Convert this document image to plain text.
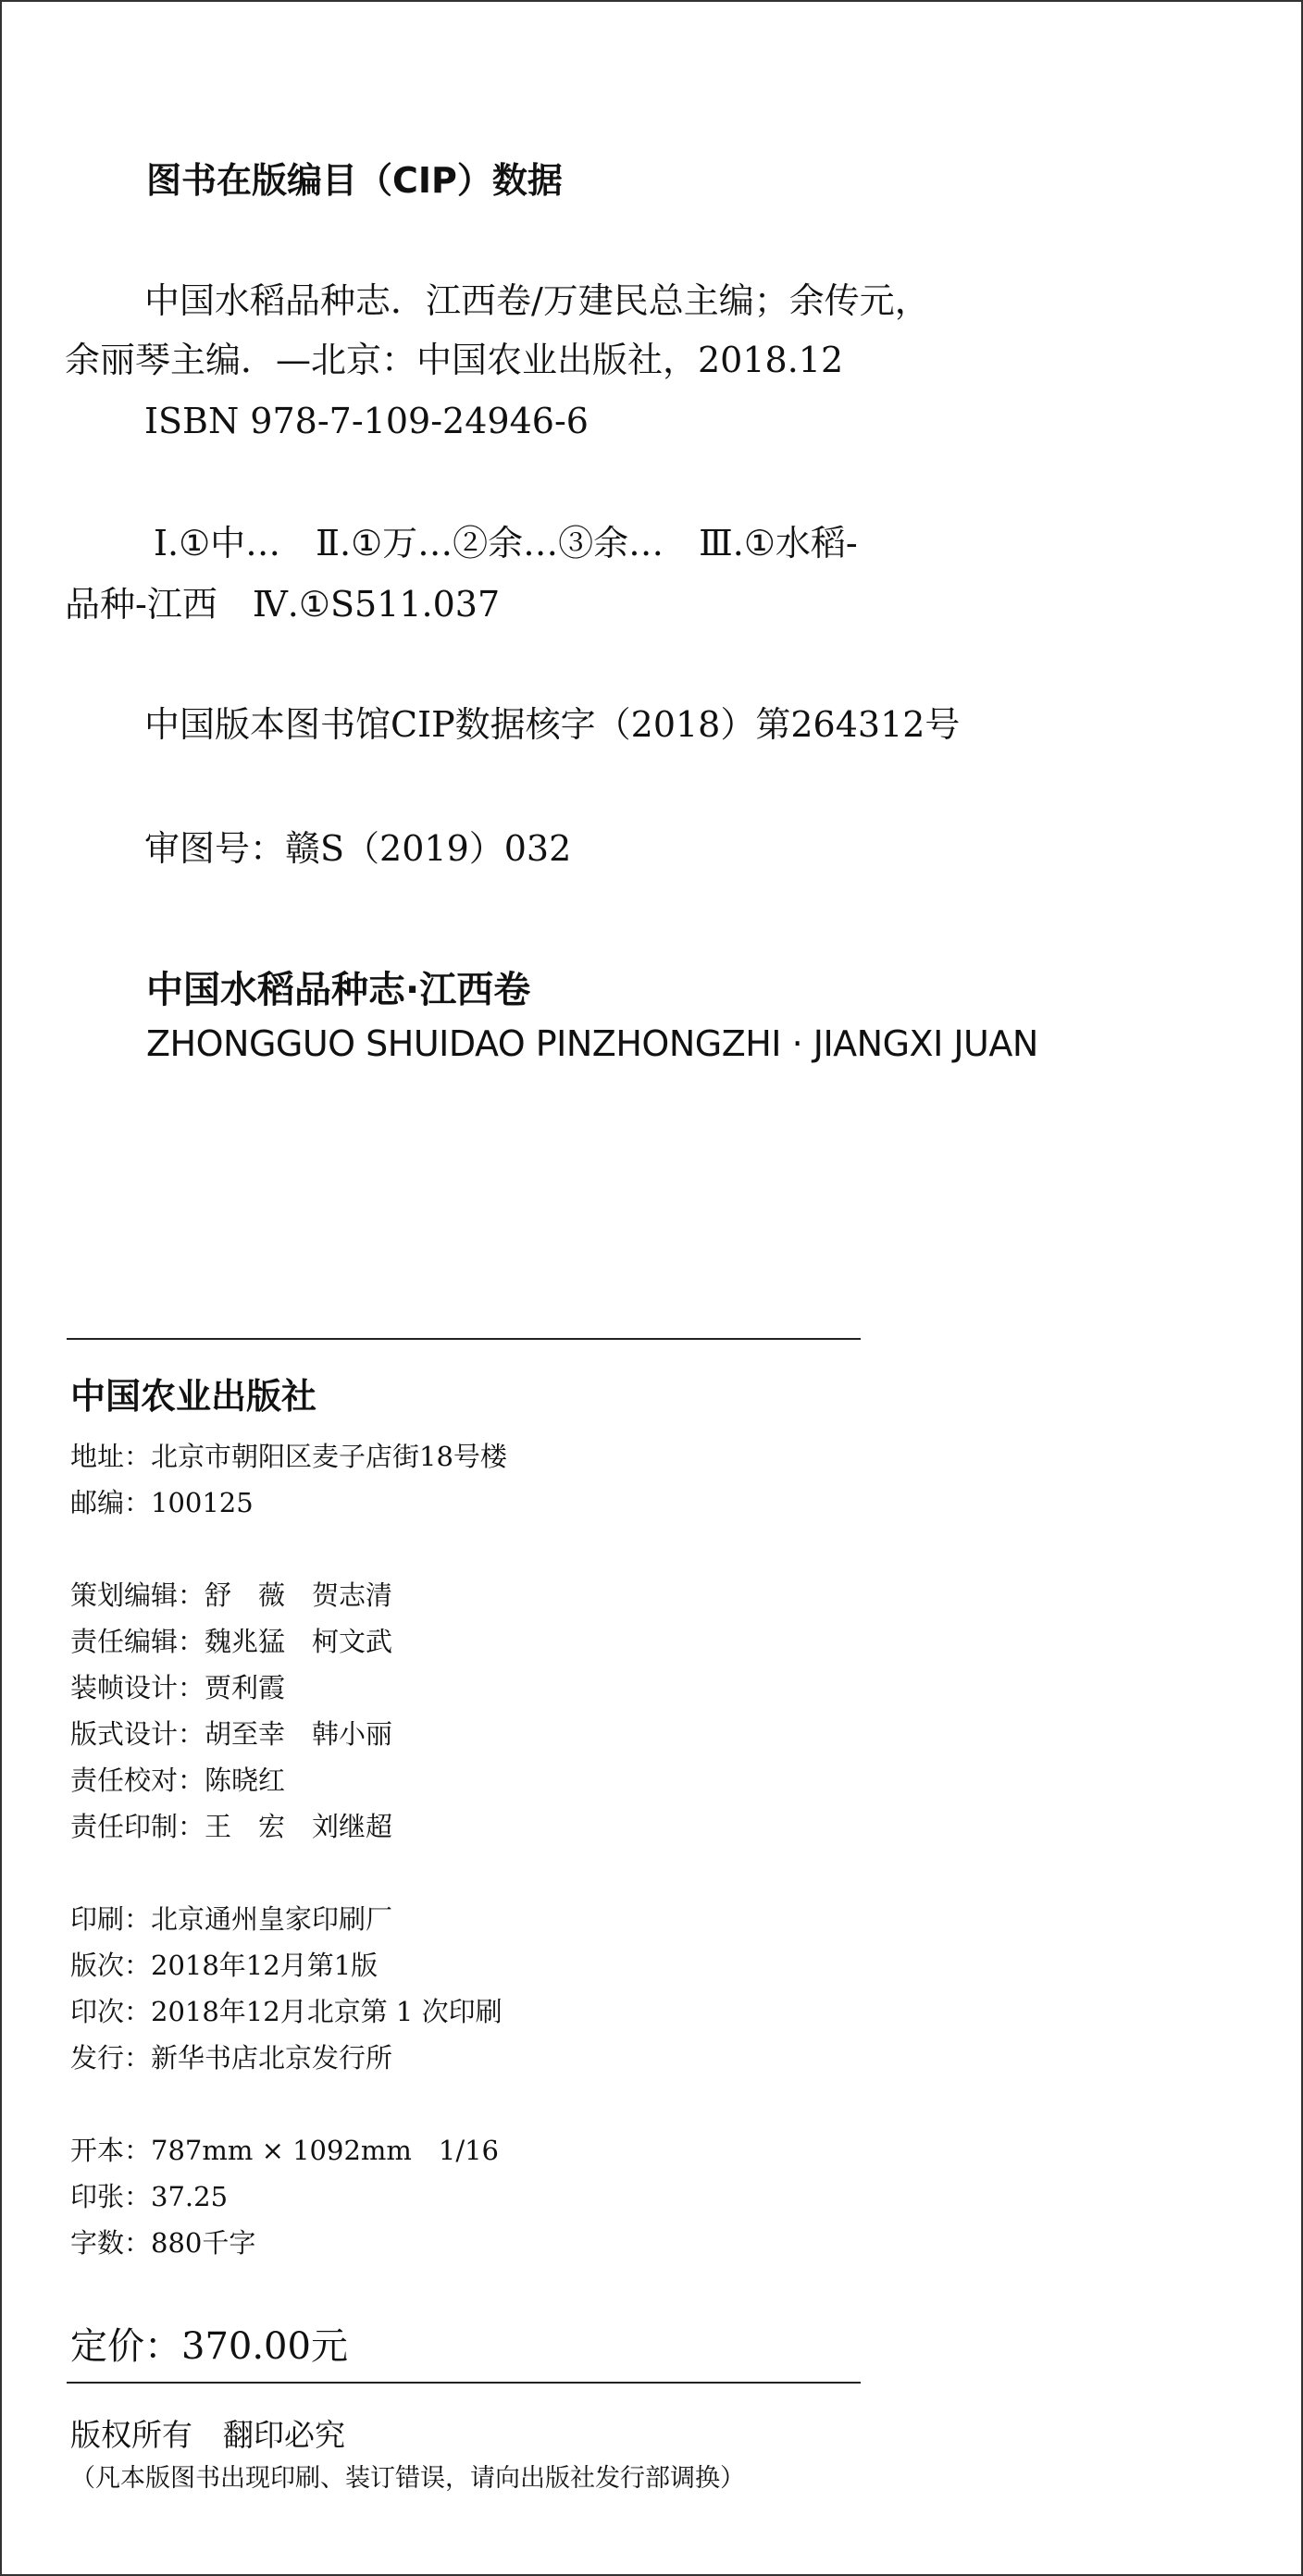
图书在版编目（CIP）数据
中国水稻品种志．江西卷/万建民总主编；余传元，
余丽琴主编．—北京：中国农业出版社，2018.12
ISBN 978-7-109-24946-6
Ⅰ.①中…　Ⅱ.①万…②余…③余…　Ⅲ.①水稻-
品种-江西　Ⅳ.①S511.037
中国版本图书馆CIP数据核字（2018）第264312号
审图号：赣S（2019）032
中国水稻品种志·江西卷
ZHONGGUO SHUIDAO PINZHONGZHI · JIANGXI JUAN
中国农业出版社
地址：北京市朝阳区麦子店街18号楼
邮编：100125
策划编辑：舒　薇　贺志清
责任编辑：魏兆猛　柯文武
装帧设计：贾利霞
版式设计：胡至幸　韩小丽
责任校对：陈晓红
责任印制：王　宏　刘继超
印刷：北京通州皇家印刷厂
版次：2018年12月第1版
印次：2018年12月北京第 1 次印刷
发行：新华书店北京发行所
开本：787mm × 1092mm　1/16
印张：37.25
字数：880千字
定价：370.00元
版权所有　翻印必究
（凡本版图书出现印刷、装订错误，请向出版社发行部调换）
